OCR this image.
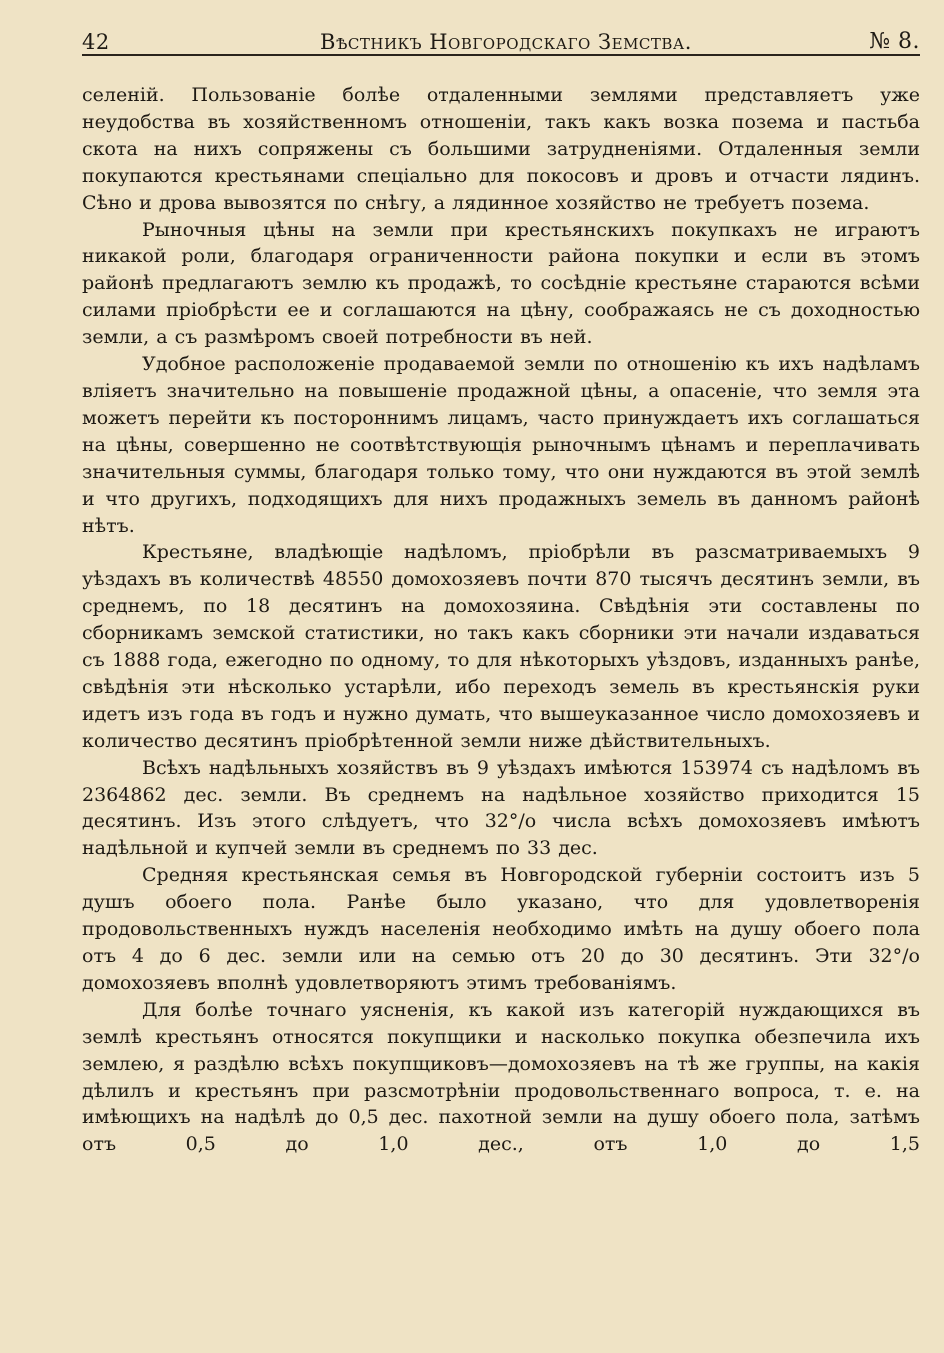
42	Вѣстникъ Новгородскаго Земства.	№ 8.

селеній. Пользованіе болѣе отдаленными землями представляетъ уже неудобства въ хозяйственномъ отношеніи, такъ какъ возка позема и пастьба скота на нихъ сопряжены съ большими затрудненіями. Отдаленныя земли покупаются крестьянами спеціально для покосовъ и дровъ и отчасти лядинъ. Сѣно и дрова вывозятся по снѣгу, а лядинное хозяйство не требуетъ позема.

Рыночныя цѣны на земли при крестьянскихъ покупкахъ не играютъ никакой роли, благодаря ограниченности района покупки и если въ этомъ районѣ предлагаютъ землю къ продажѣ, то сосѣдніе крестьяне стараются всѣми силами пріобрѣсти ее и соглашаются на цѣну, соображаясь не съ доходностью земли, а съ размѣромъ своей потребности въ ней.

Удобное расположеніе продаваемой земли по отношенію къ ихъ надѣламъ вліяетъ значительно на повышеніе продажной цѣны, а опасеніе, что земля эта можетъ перейти къ постороннимъ лицамъ, часто принуждаетъ ихъ соглашаться на цѣны, совершенно не соотвѣтствующія рыночнымъ цѣнамъ и переплачивать значительныя суммы, благодаря только тому, что они нуждаются въ этой землѣ и что другихъ, подходящихъ для нихъ продажныхъ земель въ данномъ районѣ нѣтъ.

Крестьяне, владѣющіе надѣломъ, пріобрѣли въ разсматриваемыхъ 9 уѣздахъ въ количествѣ 48550 домохозяевъ почти 870 тысячъ десятинъ земли, въ среднемъ, по 18 десятинъ на домохозяина. Свѣдѣнія эти составлены по сборникамъ земской статистики, но такъ какъ сборники эти начали издаваться съ 1888 года, ежегодно по одному, то для нѣкоторыхъ уѣздовъ, изданныхъ ранѣе, свѣдѣнія эти нѣсколько устарѣли, ибо переходъ земель въ крестьянскія руки идетъ изъ года въ годъ и нужно думать, что вышеуказанное число домохозяевъ и количество десятинъ пріобрѣтенной земли ниже дѣйствительныхъ.

Всѣхъ надѣльныхъ хозяйствъ въ 9 уѣздахъ имѣются 153974 съ надѣломъ въ 2364862 дес. земли. Въ среднемъ на надѣльное хозяйство приходится 15 десятинъ. Изъ этого слѣдуетъ, что 32°/о числа всѣхъ домохозяевъ имѣютъ надѣльной и купчей земли въ среднемъ по 33 дес.

Средняя крестьянская семья въ Новгородской губерніи состоитъ изъ 5 душъ обоего пола. Ранѣе было указано, что для удовлетворенія продовольственныхъ нуждъ населенія необходимо имѣть на душу обоего пола отъ 4 до 6 дес. земли или на семью отъ 20 до 30 десятинъ. Эти 32°/о домохозяевъ вполнѣ удовлетворяютъ этимъ требованіямъ.

Для болѣе точнаго уясненія, къ какой изъ категорій нуждающихся въ землѣ крестьянъ относятся покупщики и насколько покупка обезпечила ихъ землею, я раздѣлю всѣхъ покупщиковъ—домохозяевъ на тѣ же группы, на какія дѣлилъ и крестьянъ при разсмотрѣніи продовольственнаго вопроса, т. е. на имѣющихъ на надѣлѣ до 0,5 дес. пахотной земли на душу обоего пола, затѣмъ отъ 0,5 до 1,0 дес., отъ 1,0 до 1,5
